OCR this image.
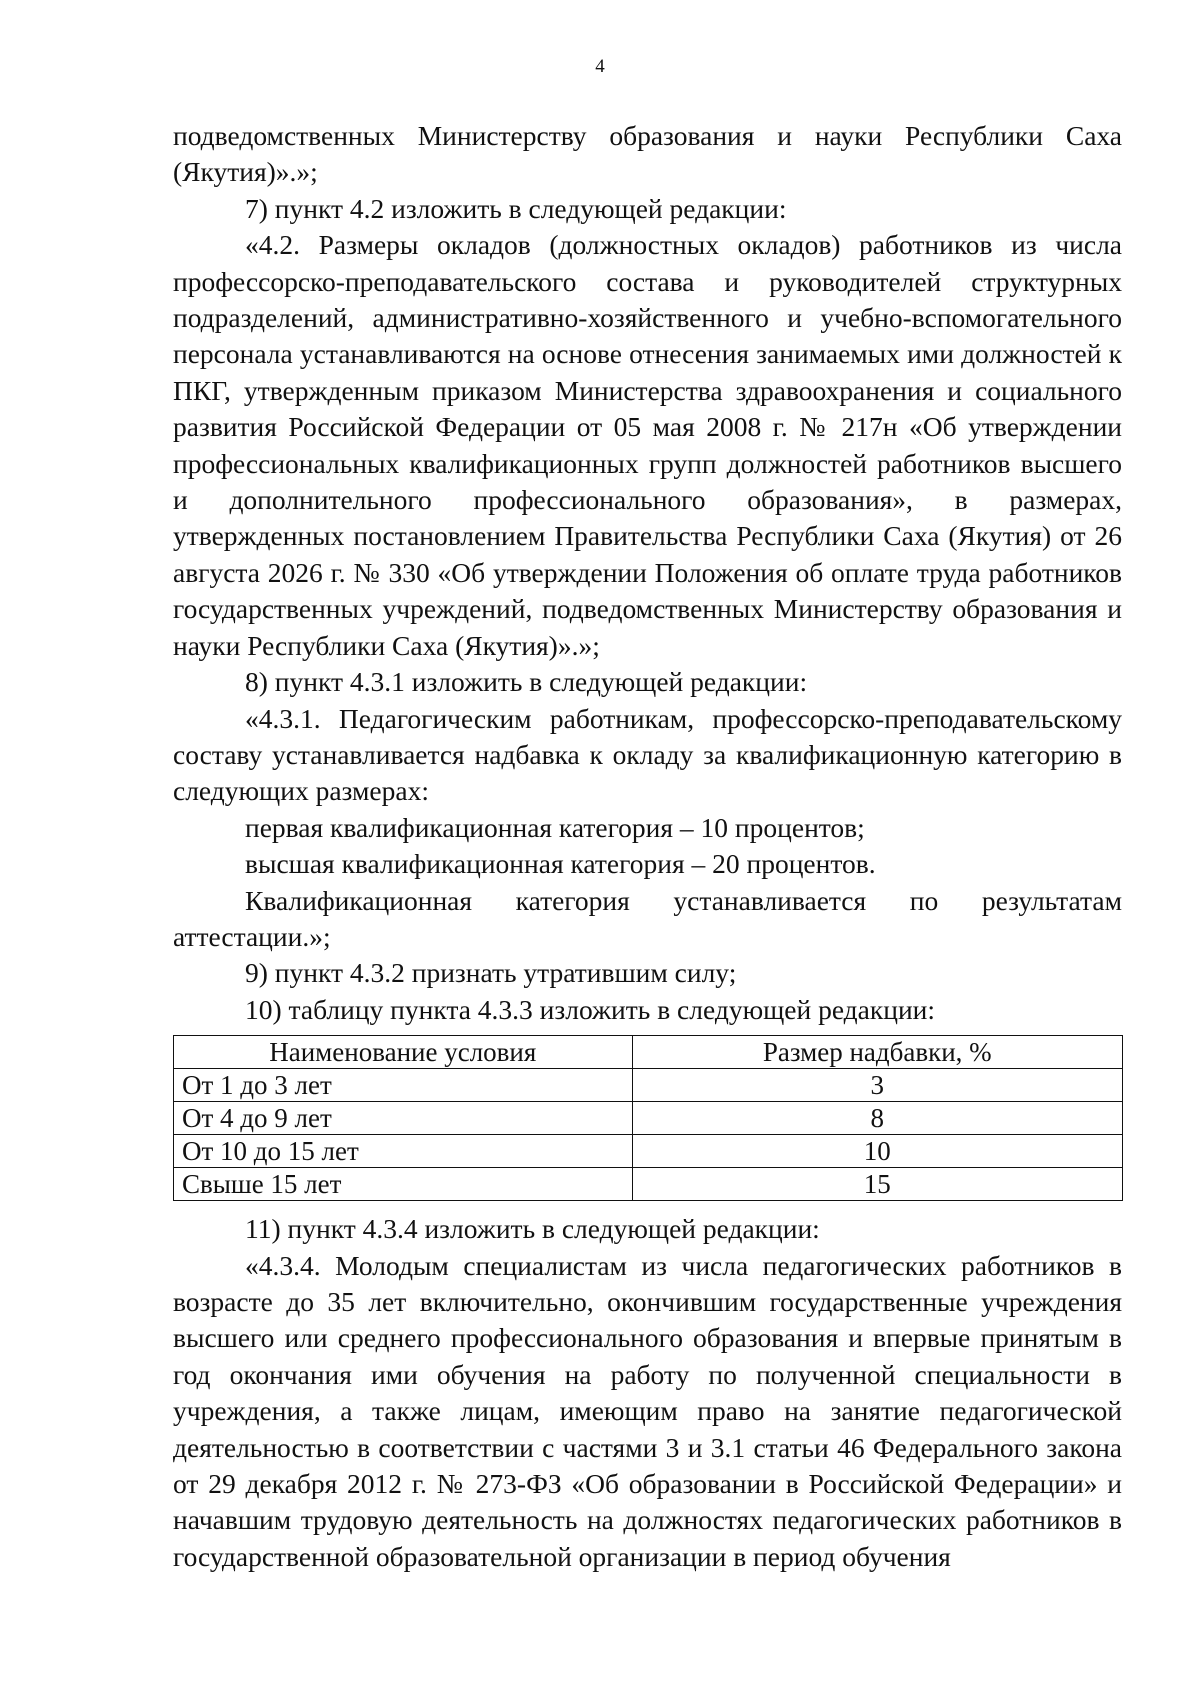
4

подведомственных Министерству образования и науки Республики Саха (Якутия)».»;

7) пункт 4.2 изложить в следующей редакции:

«4.2. Размеры окладов (должностных окладов) работников из числа профессорско-преподавательского состава и руководителей структурных подразделений, административно-хозяйственного и учебно-вспомогательного персонала устанавливаются на основе отнесения занимаемых ими должностей к ПКГ, утвержденным приказом Министерства здравоохранения и социального развития Российской Федерации от 05 мая 2008 г. № 217н «Об утверждении профессиональных квалификационных групп должностей работников высшего и дополнительного профессионального образования», в размерах, утвержденных постановлением Правительства Республики Саха (Якутия) от 26 августа 2026 г. № 330 «Об утверждении Положения об оплате труда работников государственных учреждений, подведомственных Министерству образования и науки Республики Саха (Якутия)».»;

8) пункт 4.3.1 изложить в следующей редакции:

«4.3.1. Педагогическим работникам, профессорско-преподавательскому составу устанавливается надбавка к окладу за квалификационную категорию в следующих размерах:

первая квалификационная категория – 10 процентов;

высшая квалификационная категория – 20 процентов.

Квалификационная категория устанавливается по результатам аттестации.»;

9) пункт 4.3.2 признать утратившим силу;

10) таблицу пункта 4.3.3 изложить в следующей редакции:

Наименование условия	Размер надбавки, %
От 1 до 3 лет	3
От 4 до 9 лет	8
От 10 до 15 лет	10
Свыше 15 лет	15

11) пункт 4.3.4 изложить в следующей редакции:

«4.3.4. Молодым специалистам из числа педагогических работников в возрасте до 35 лет включительно, окончившим государственные учреждения высшего или среднего профессионального образования и впервые принятым в год окончания ими обучения на работу по полученной специальности в учреждения, а также лицам, имеющим право на занятие педагогической деятельностью в соответствии с частями 3 и 3.1 статьи 46 Федерального закона от 29 декабря 2012 г. № 273-ФЗ «Об образовании в Российской Федерации» и начавшим трудовую деятельность на должностях педагогических работников в государственной образовательной организации в период обучения
